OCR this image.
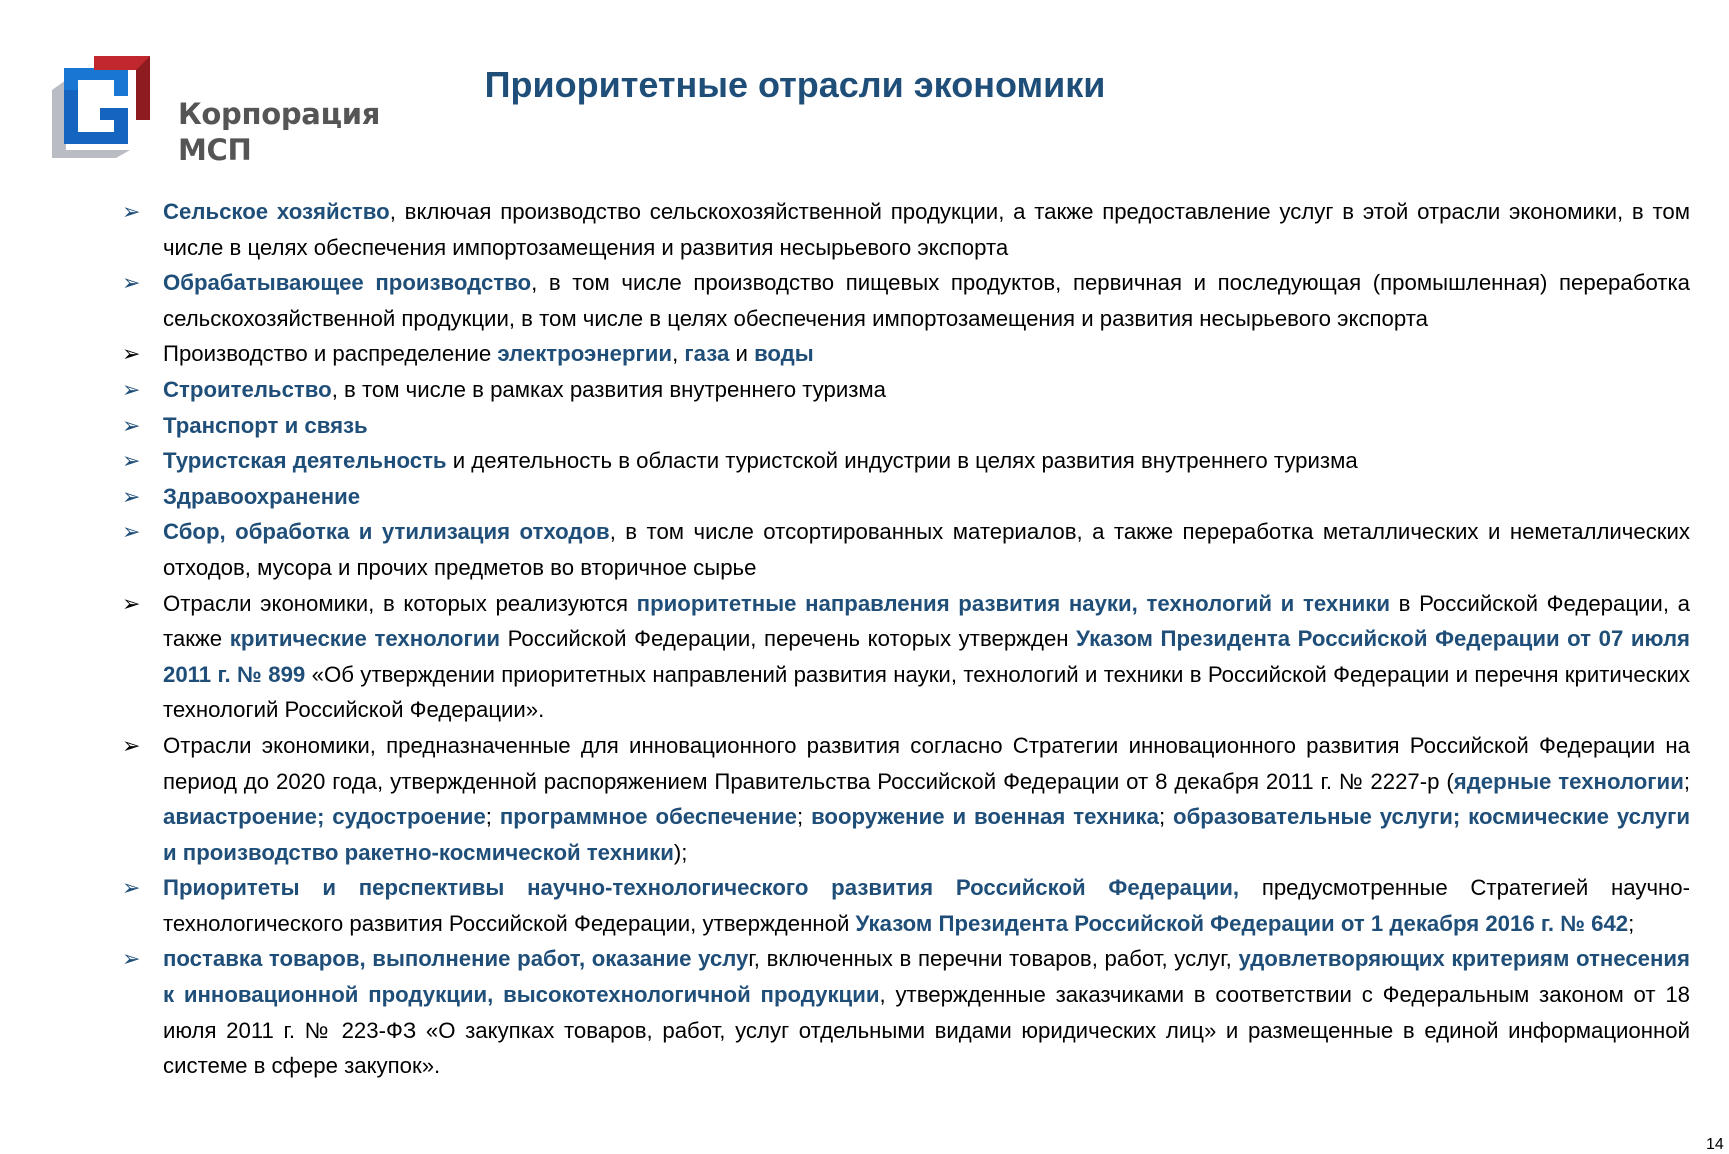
Корпорация
МСП
Приоритетные отрасли экономики
➢ Сельское хозяйство, включая производство сельскохозяйственной продукции, а также предоставление услуг в этой отрасли экономики, в том числе в целях обеспечения импортозамещения и развития несырьевого экспорта
➢ Обрабатывающее производство, в том числе производство пищевых продуктов, первичная и последующая (промышленная) переработка сельскохозяйственной продукции, в том числе в целях обеспечения импортозамещения и развития несырьевого экспорта
➢ Производство и распределение электроэнергии, газа и воды
➢ Строительство, в том числе в рамках развития внутреннего туризма
➢ Транспорт и связь
➢ Туристская деятельность и деятельность в области туристской индустрии в целях развития внутреннего туризма
➢ Здравоохранение
➢ Сбор, обработка и утилизация отходов, в том числе отсортированных материалов, а также переработка металлических и неметаллических отходов, мусора и прочих предметов во вторичное сырье
➢ Отрасли экономики, в которых реализуются приоритетные направления развития науки, технологий и техники в Российской Федерации, а также критические технологии Российской Федерации, перечень которых утвержден Указом Президента Российской Федерации от 07 июля 2011 г. № 899 «Об утверждении приоритетных направлений развития науки, технологий и техники в Российской Федерации и перечня критических технологий Российской Федерации».
➢ Отрасли экономики, предназначенные для инновационного развития согласно Стратегии инновационного развития Российской Федерации на период до 2020 года, утвержденной распоряжением Правительства Российской Федерации от 8 декабря 2011 г. № 2227-р (ядерные технологии; авиастроение; судостроение; программное обеспечение; вооружение и военная техника; образовательные услуги; космические услуги и производство ракетно-космической техники);
➢ Приоритеты и перспективы научно-технологического развития Российской Федерации, предусмотренные Стратегией научно-технологического развития Российской Федерации, утвержденной Указом Президента Российской Федерации от 1 декабря 2016 г. № 642;
➢ поставка товаров, выполнение работ, оказание услуг, включенных в перечни товаров, работ, услуг, удовлетворяющих критериям отнесения к инновационной продукции, высокотехнологичной продукции, утвержденные заказчиками в соответствии с Федеральным законом от 18 июля 2011 г. № 223-ФЗ «О закупках товаров, работ, услуг отдельными видами юридических лиц» и размещенные в единой информационной системе в сфере закупок».
14
